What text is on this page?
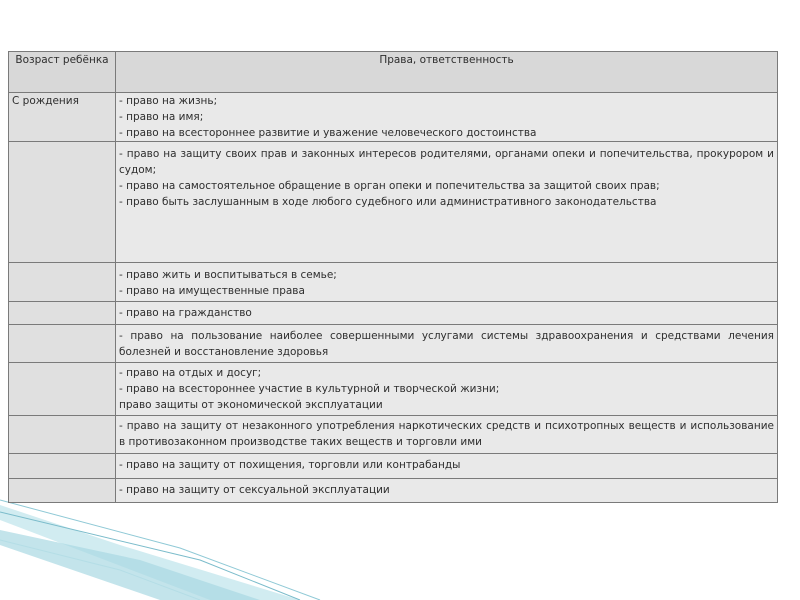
Возраст ребёнка	Права, ответственность
С рождения	- право на жизнь;
- право на имя;
- право на всестороннее развитие и уважение человеческого достоинства

	- право на защиту своих прав и законных интересов родителями, органами опеки и попечительства, прокурором и судом;
- право на самостоятельное обращение в орган опеки и попечительства за защитой своих прав;
- право быть заслушанным в ходе любого судебного или административного законодательства

	- право жить и воспитываться в семье;
- право на имущественные права

	- право на гражданство

	- право на пользование наиболее совершенными услугами системы здравоохранения и средствами лечения болезней и восстановление здоровья

	- право на отдых и досуг;
- право на всестороннее участие в культурной и творческой жизни;
право защиты от экономической эксплуатации

	- право на защиту от незаконного употребления наркотических средств и психотропных веществ и использование в противозаконном производстве таких веществ и торговли ими

	- право на защиту от похищения, торговли или контрабанды

	- право на защиту от сексуальной эксплуатации
